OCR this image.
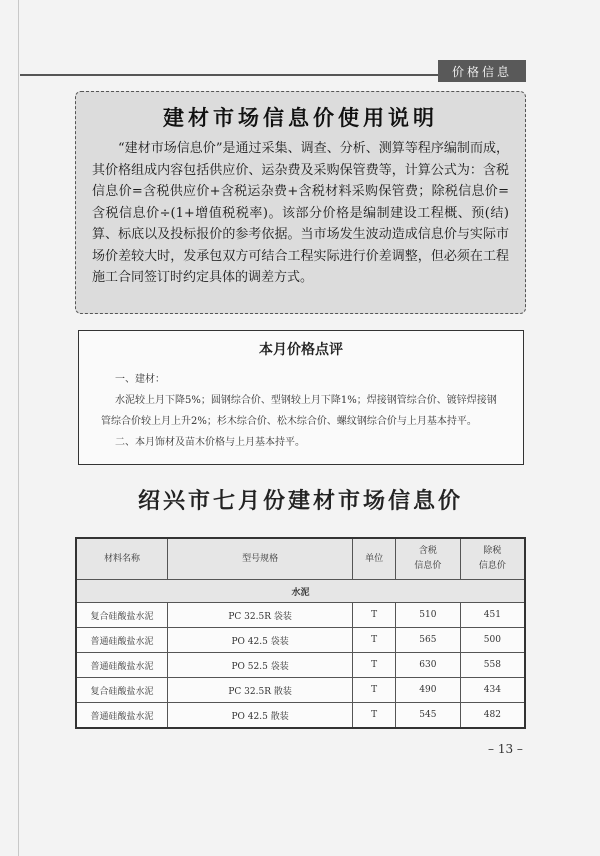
价格信息
建材市场信息价使用说明

“建材市场信息价”是通过采集、调查、分析、测算等程序编制而成，其价格组成内容包括供应价、运杂费及采购保管费等，计算公式为：含税信息价=含税供应价+含税运杂费+含税材料采购保管费；除税信息价=含税信息价÷(1+增值税税率)。该部分价格是编制建设工程概、预(结)算、标底以及投标报价的参考依据。当市场发生波动造成信息价与实际市场价差较大时，发承包双方可结合工程实际进行价差调整，但必须在工程施工合同签订时约定具体的调差方式。

本月价格点评

一、建材：

水泥较上月下降5%；圆钢综合价、型钢较上月下降1%；焊接钢管综合价、镀锌焊接钢管综合价较上月上升2%；杉木综合价、松木综合价、螺纹钢综合价与上月基本持平。

二、本月饰材及苗木价格与上月基本持平。

绍兴市七月份建材市场信息价
材料名称	型号规格	单位	含税
信息价	除税
信息价
水泥				
复合硅酸盐水泥	PC 32.5R 袋装	T	510	451
普通硅酸盐水泥	PO 42.5 袋装	T	565	500
普通硅酸盐水泥	PO 52.5 袋装	T	630	558
复合硅酸盐水泥	PC 32.5R 散装	T	490	434
普通硅酸盐水泥	PO 42.5 散装	T	545	482
– 13 –
